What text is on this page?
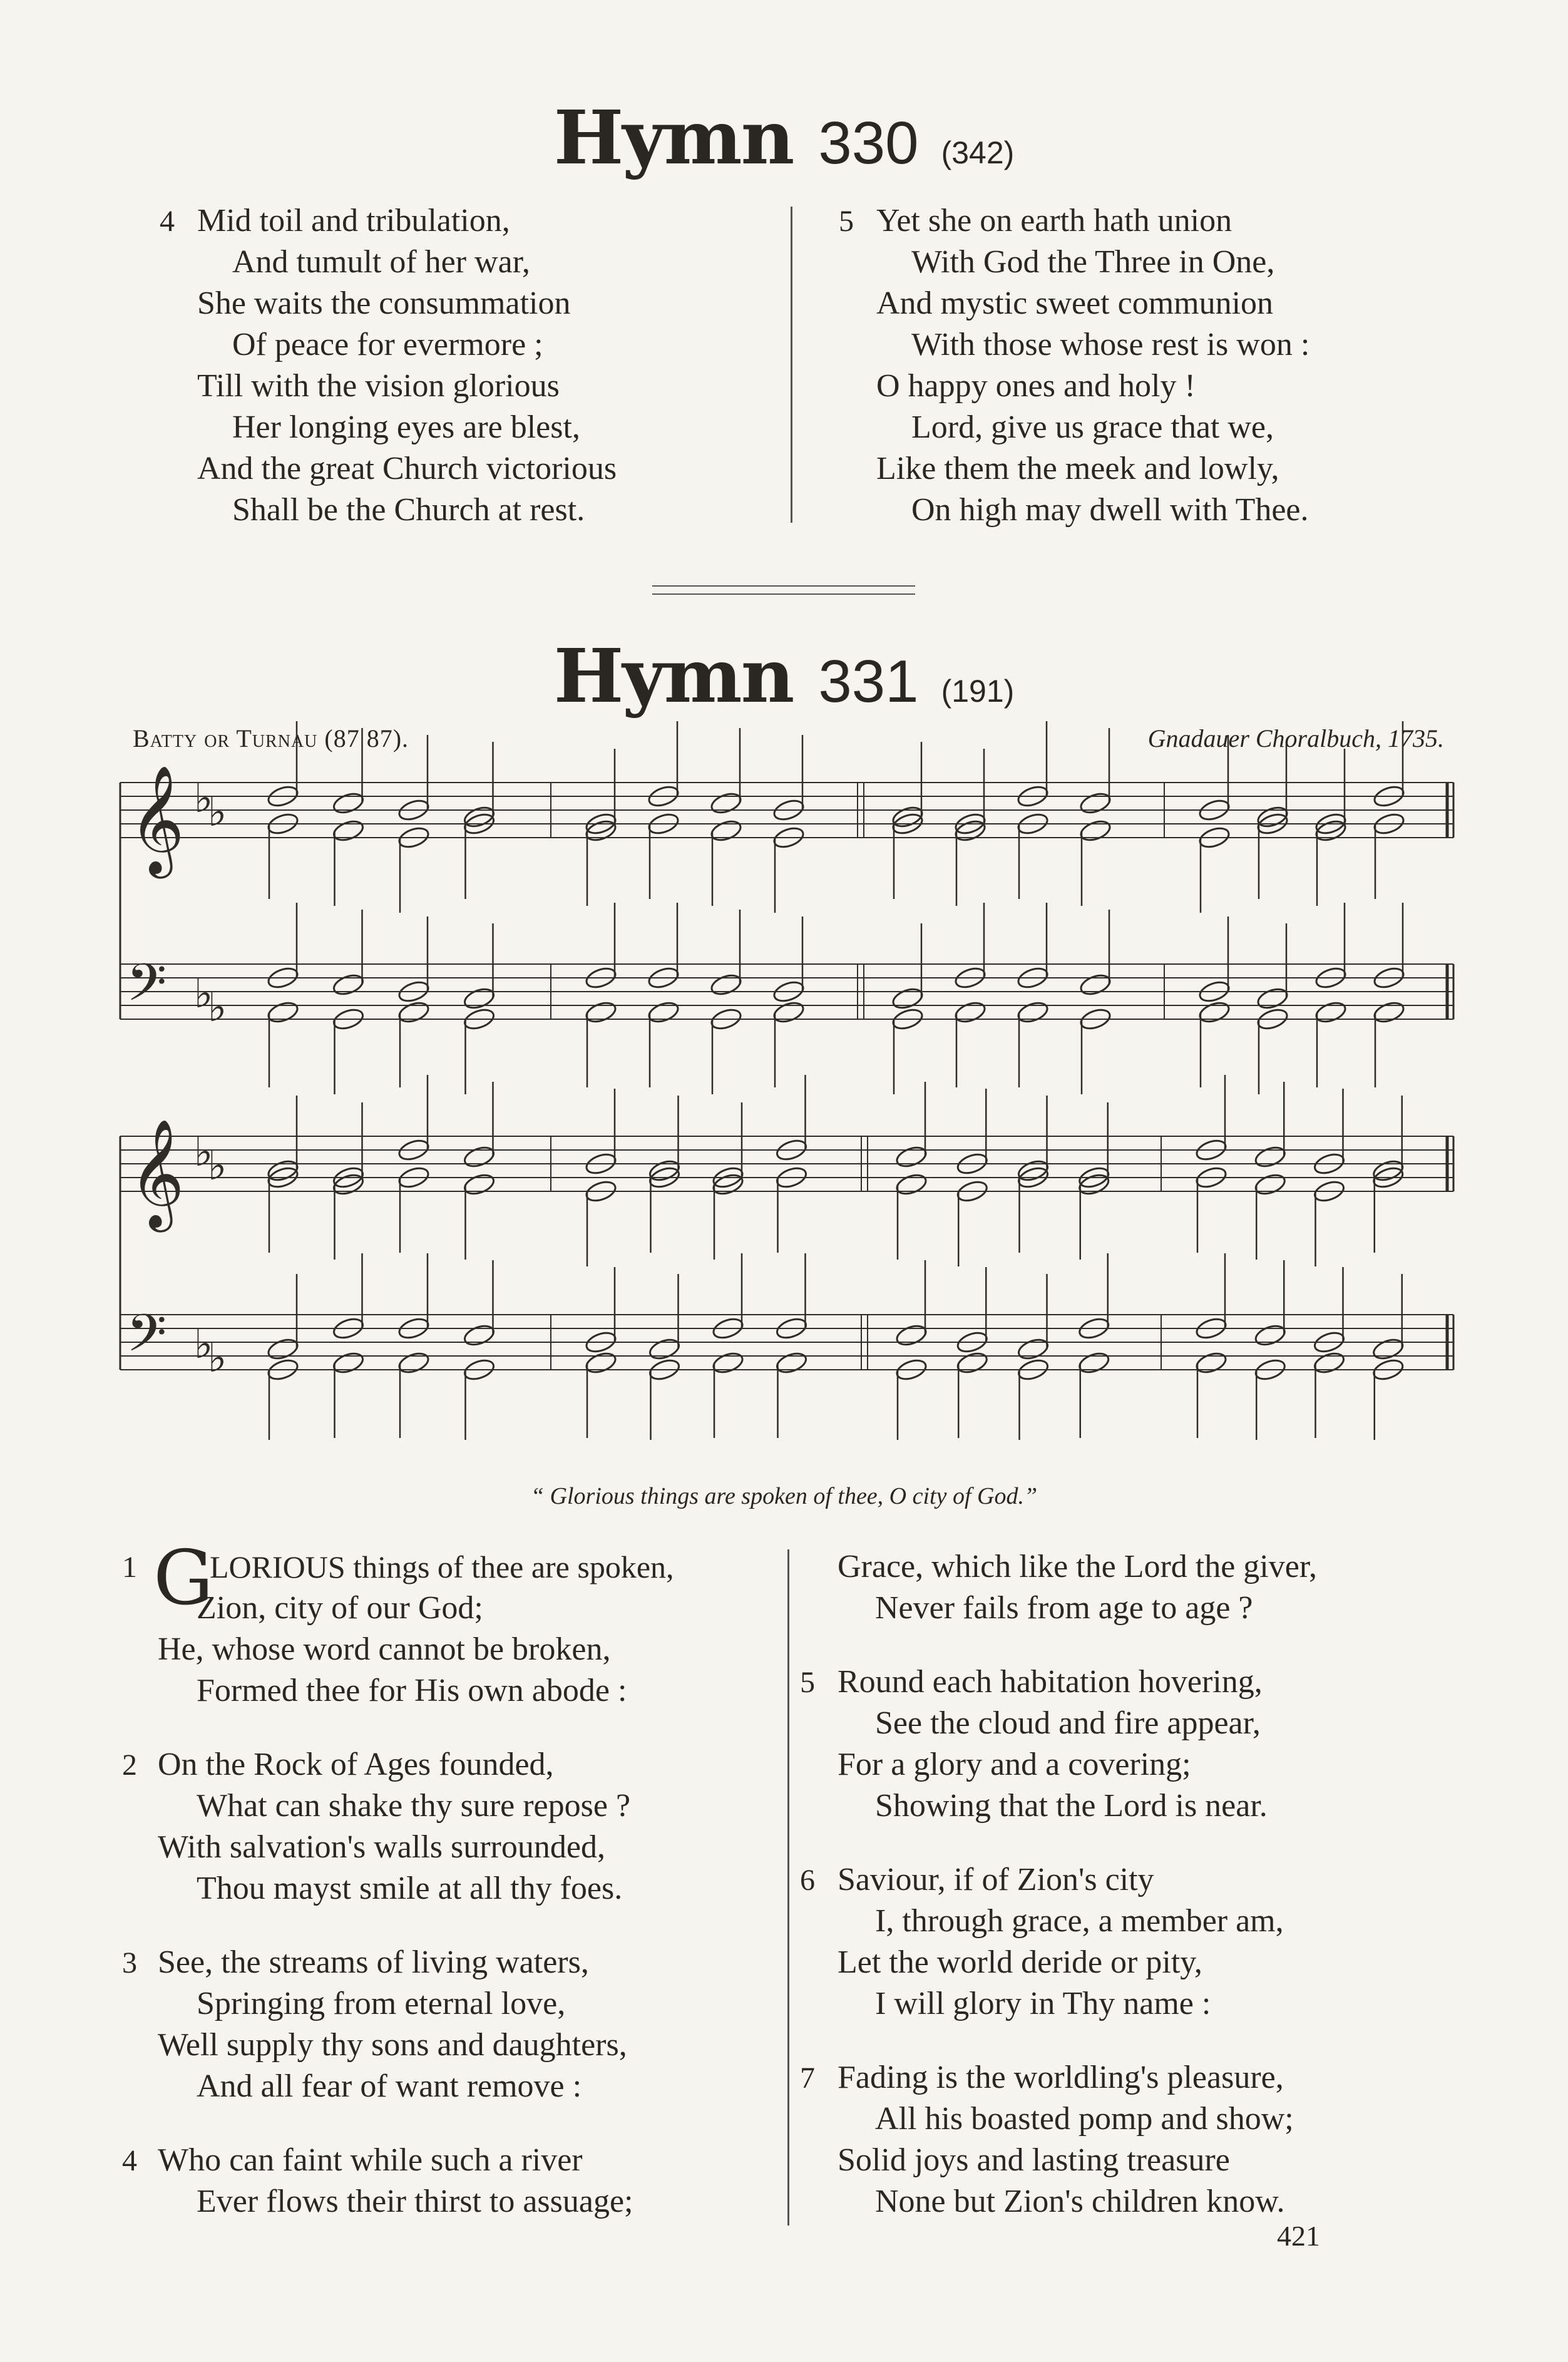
Hymn 330 (342)
4 Mid toil and tribulation,
And tumult of her war,
She waits the consummation
Of peace for evermore ;
Till with the vision glorious
Her longing eyes are blest,
And the great Church victorious
Shall be the Church at rest.
5 Yet she on earth hath union
With God the Three in One,
And mystic sweet communion
With those whose rest is won :
O happy ones and holy !
Lord, give us grace that we,
Like them the meek and lowly,
On high may dwell with Thee.
Hymn 331 (191)
Batty or Turnau (87 87).	Gnadauer Choralbuch, 1735.
𝄞
𝄢
♭
♭
♭
♭
𝄞
𝄢
♭
♭
♭
♭
“ Glorious things are spoken of thee, O city of God.”
G
LORIOUS things of thee are spoken,
1
Zion, city of our God;
He, whose word cannot be broken,
Formed thee for His own abode :
2 On the Rock of Ages founded,
What can shake thy sure repose ?
With salvation's walls surrounded,
Thou mayst smile at all thy foes.
3 See, the streams of living waters,
Springing from eternal love,
Well supply thy sons and daughters,
And all fear of want remove :
4 Who can faint while such a river
Ever flows their thirst to assuage;
Grace, which like the Lord the giver,
Never fails from age to age ?
5 Round each habitation hovering,
See the cloud and fire appear,
For a glory and a covering;
Showing that the Lord is near.
6 Saviour, if of Zion's city
I, through grace, a member am,
Let the world deride or pity,
I will glory in Thy name :
7 Fading is the worldling's pleasure,
All his boasted pomp and show;
Solid joys and lasting treasure
None but Zion's children know.
421
